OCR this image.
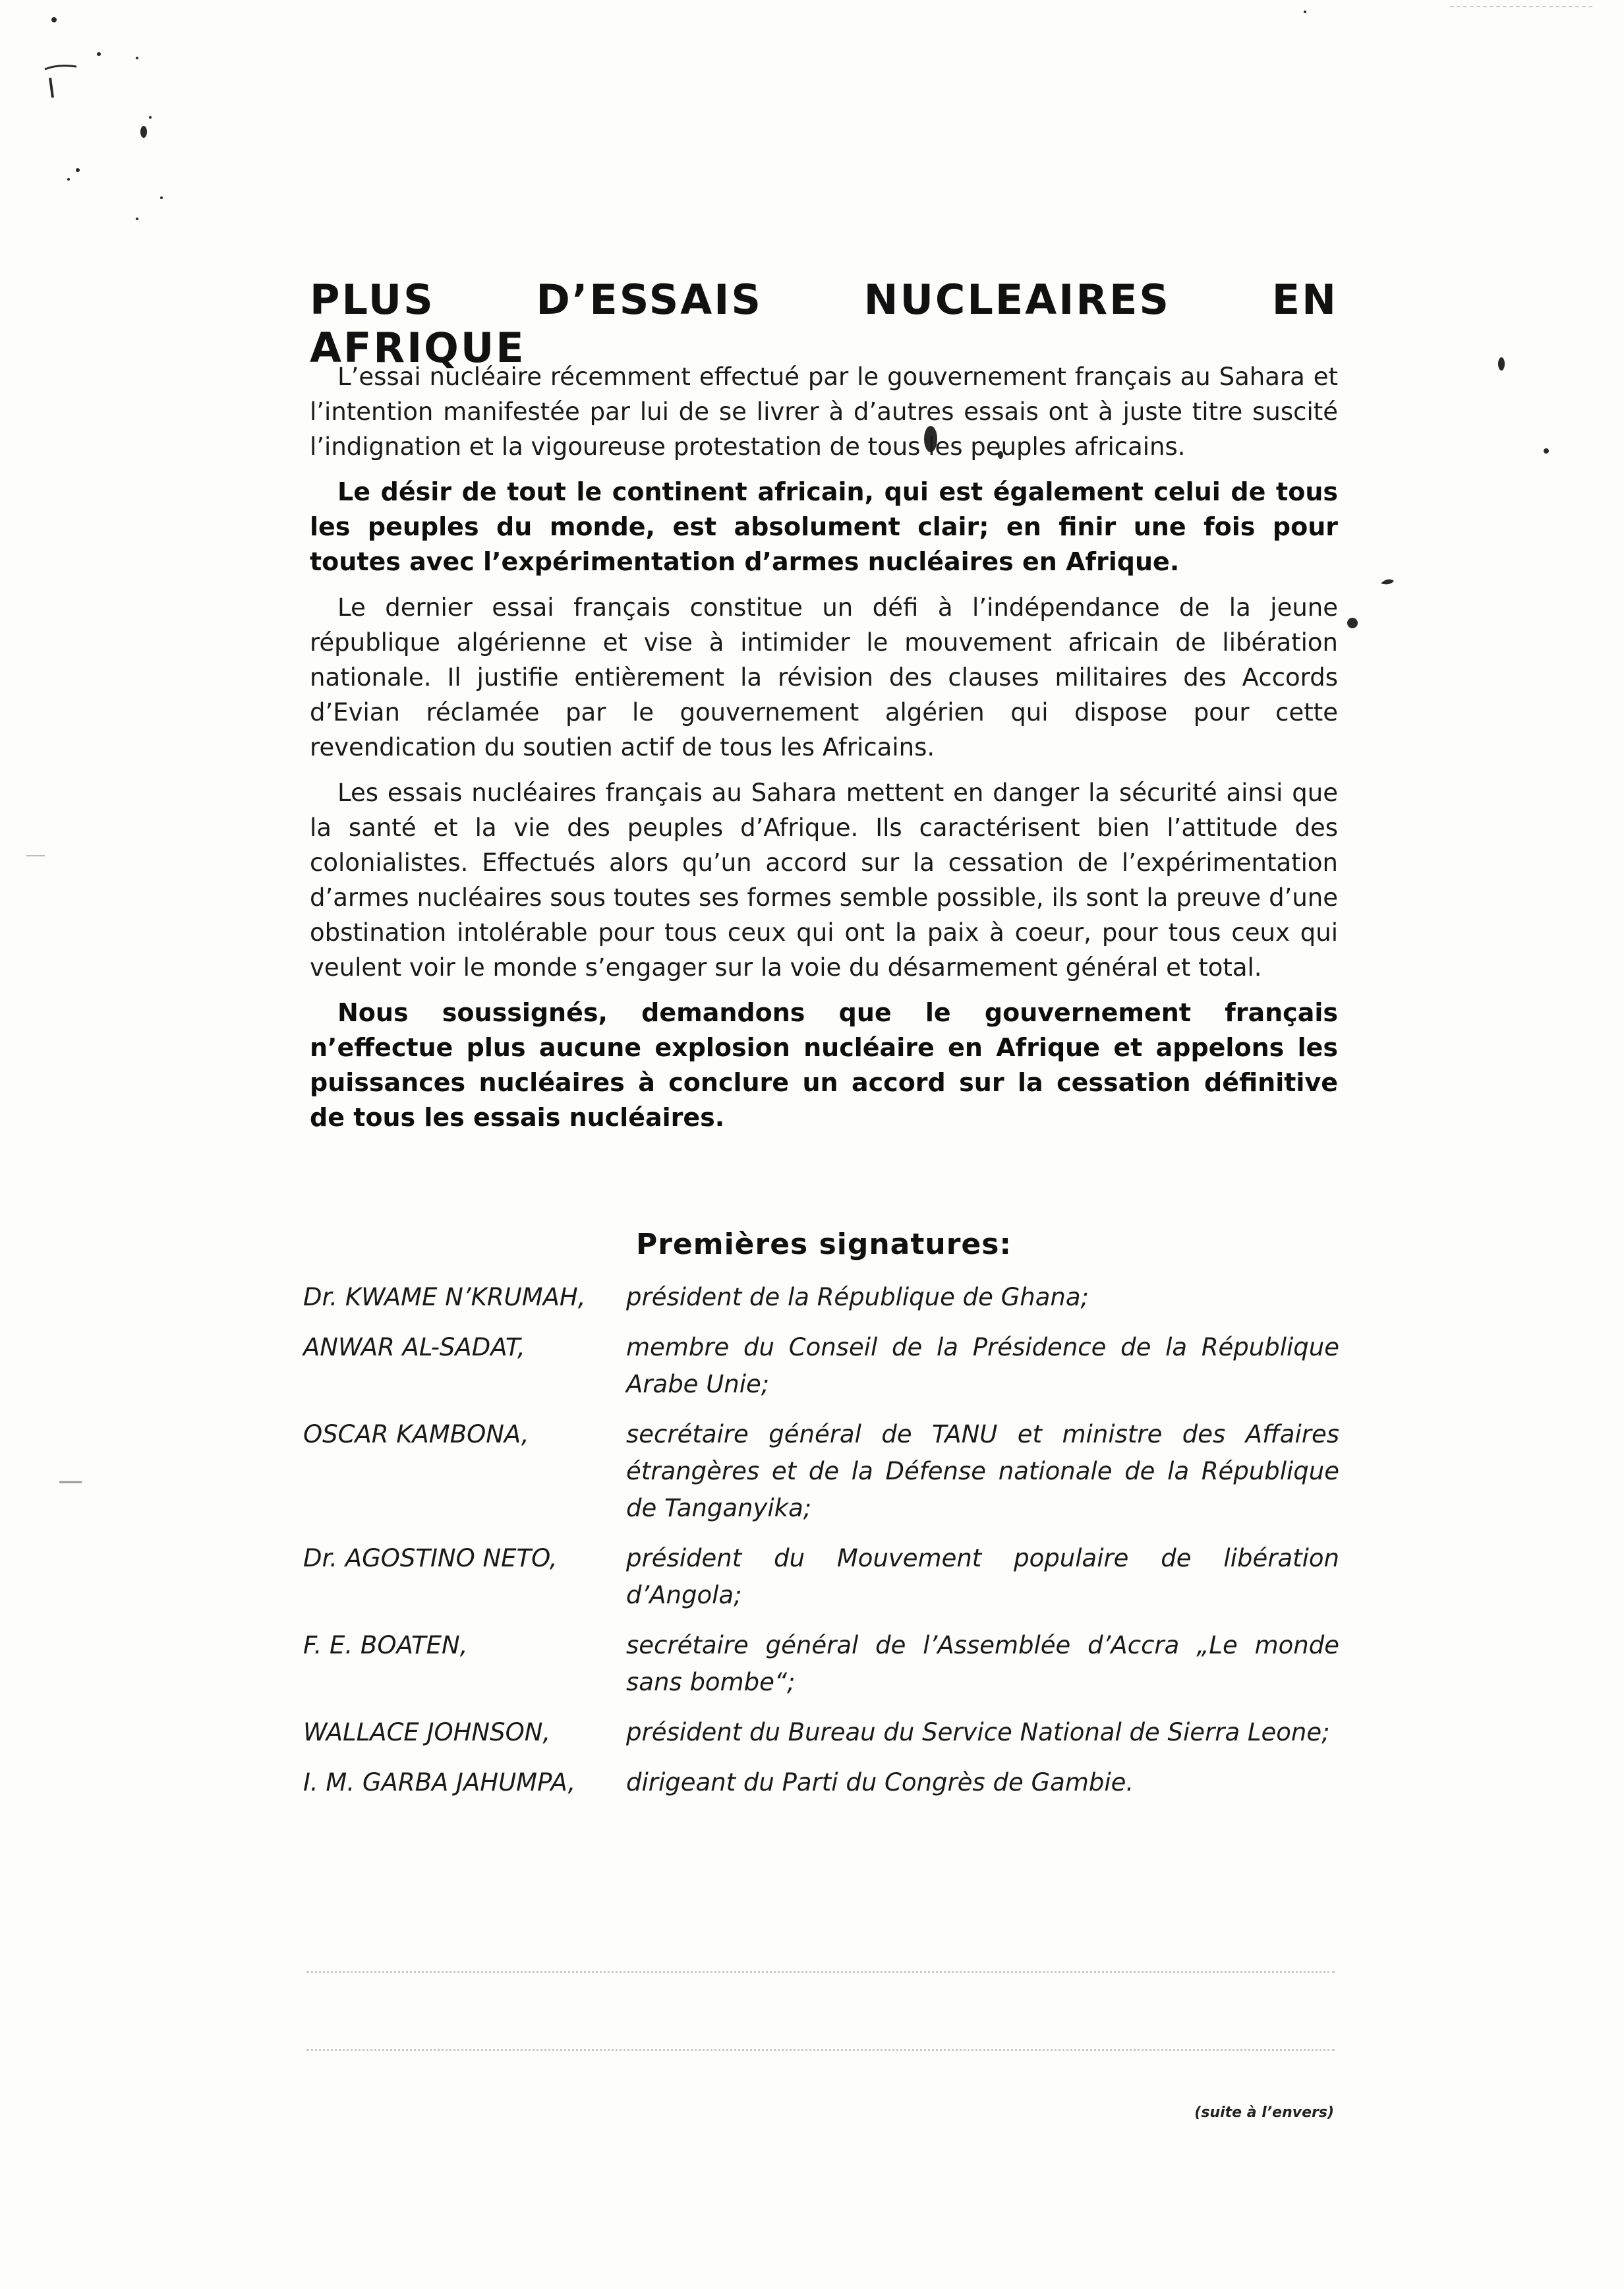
PLUS D’ESSAIS NUCLEAIRES EN AFRIQUE

L’essai nucléaire récemment effectué par le gouvernement français au Sahara et l’intention manifestée par lui de se livrer à d’autres essais ont à juste titre suscité l’indignation et la vigoureuse protestation de tous les peuples africains.

Le désir de tout le continent africain, qui est également celui de tous les peuples du monde, est absolument clair; en finir une fois pour toutes avec l’expérimentation d’armes nucléaires en Afrique.

Le dernier essai français constitue un défi à l’indépendance de la jeune république algérienne et vise à intimider le mouvement africain de libération nationale. Il justifie entièrement la révision des clauses militaires des Accords d’Evian réclamée par le gouvernement algérien qui dispose pour cette revendication du soutien actif de tous les Africains.

Les essais nucléaires français au Sahara mettent en danger la sécurité ainsi que la santé et la vie des peuples d’Afrique. Ils caractérisent bien l’attitude des colonialistes. Effectués alors qu’un accord sur la cessation de l’expérimentation d’armes nucléaires sous toutes ses formes semble possible, ils sont la preuve d’une obstination intolérable pour tous ceux qui ont la paix à coeur, pour tous ceux qui veulent voir le monde s’engager sur la voie du désarmement général et total.

Nous soussignés, demandons que le gouvernement français n’effectue plus aucune explosion nucléaire en Afrique et appelons les puissances nucléaires à conclure un accord sur la cessation définitive de tous les essais nucléaires.

Premières signatures:
Dr. KWAME N’KRUMAH,	président de la République de Ghana;
ANWAR AL-SADAT,	membre du Conseil de la Présidence de la République Arabe Unie;
OSCAR KAMBONA,	secrétaire général de TANU et ministre des Affaires étrangères et de la Défense nationale de la République de Tanganyika;
Dr. AGOSTINO NETO,	président du Mouvement populaire de libération d’Angola;
F. E. BOATEN,	secrétaire général de l’Assemblée d’Accra „Le monde sans bombe“;
WALLACE JOHNSON,	président du Bureau du Service National de Sierra Leone;
I. M. GARBA JAHUMPA,	dirigeant du Parti du Congrès de Gambie.
(suite à l’envers)
